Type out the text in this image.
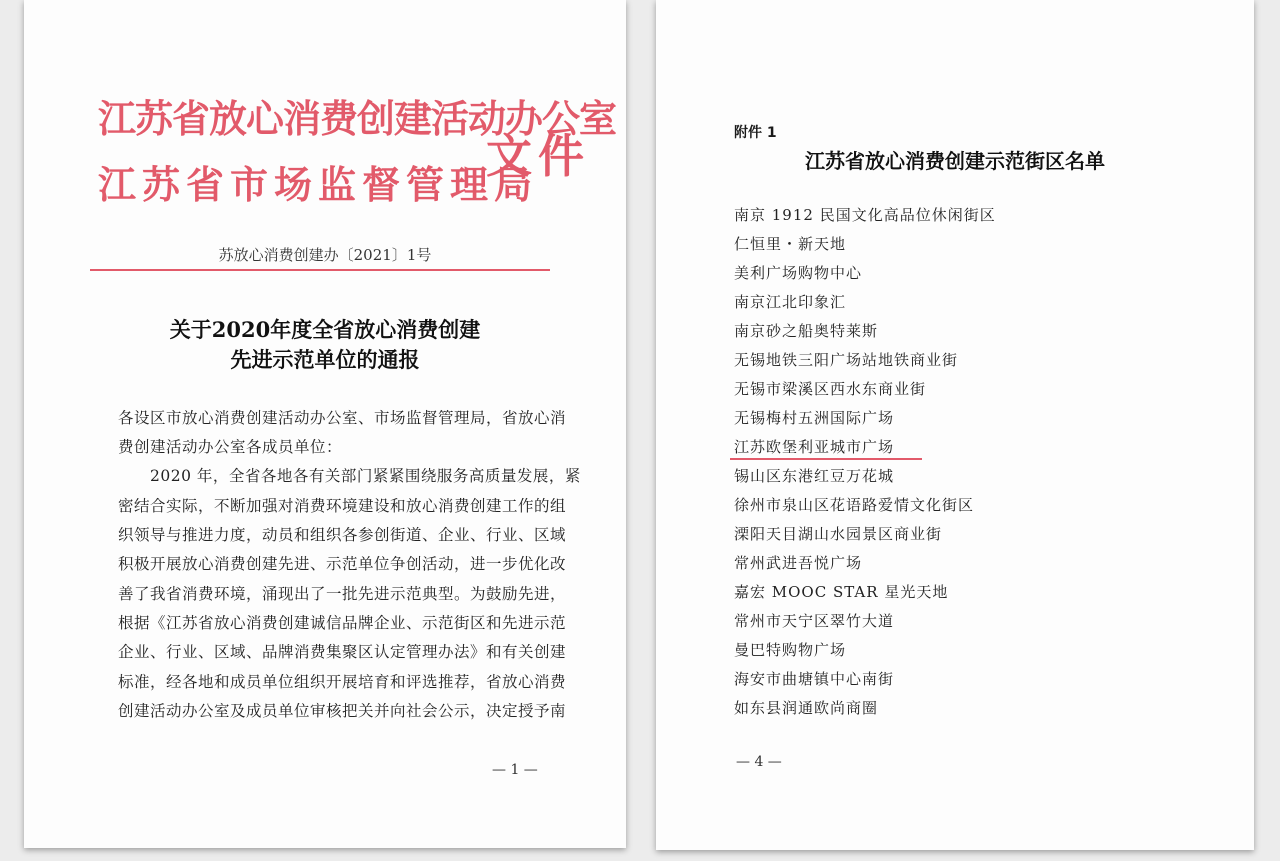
江苏省放心消费创建活动办公室
江苏省市场监督管理局
文件
苏放心消费创建办〔2021〕1号
关于2020年度全省放心消费创建
先进示范单位的通报
各设区市放心消费创建活动办公室、市场监督管理局，省放心消
费创建活动办公室各成员单位：
　　2020 年，全省各地各有关部门紧紧围绕服务高质量发展，紧
密结合实际，不断加强对消费环境建设和放心消费创建工作的组
织领导与推进力度，动员和组织各参创街道、企业、行业、区域
积极开展放心消费创建先进、示范单位争创活动，进一步优化改
善了我省消费环境，涌现出了一批先进示范典型。为鼓励先进，
根据《江苏省放心消费创建诚信品牌企业、示范街区和先进示范
企业、行业、区域、品牌消费集聚区认定管理办法》和有关创建
标准，经各地和成员单位组织开展培育和评选推荐，省放心消费
创建活动办公室及成员单位审核把关并向社会公示，决定授予南
— 1 —
附件 1
江苏省放心消费创建示范街区名单
南京 1912 民国文化高品位休闲街区
仁恒里・新天地
美利广场购物中心
南京江北印象汇
南京砂之船奥特莱斯
无锡地铁三阳广场站地铁商业街
无锡市梁溪区西水东商业街
无锡梅村五洲国际广场
江苏欧堡利亚城市广场
锡山区东港红豆万花城
徐州市泉山区花语路爱情文化街区
溧阳天目湖山水园景区商业街
常州武进吾悦广场
嘉宏 MOOC STAR 星光天地
常州市天宁区翠竹大道
曼巴特购物广场
海安市曲塘镇中心南街
如东县润通欧尚商圈
— 4 —
